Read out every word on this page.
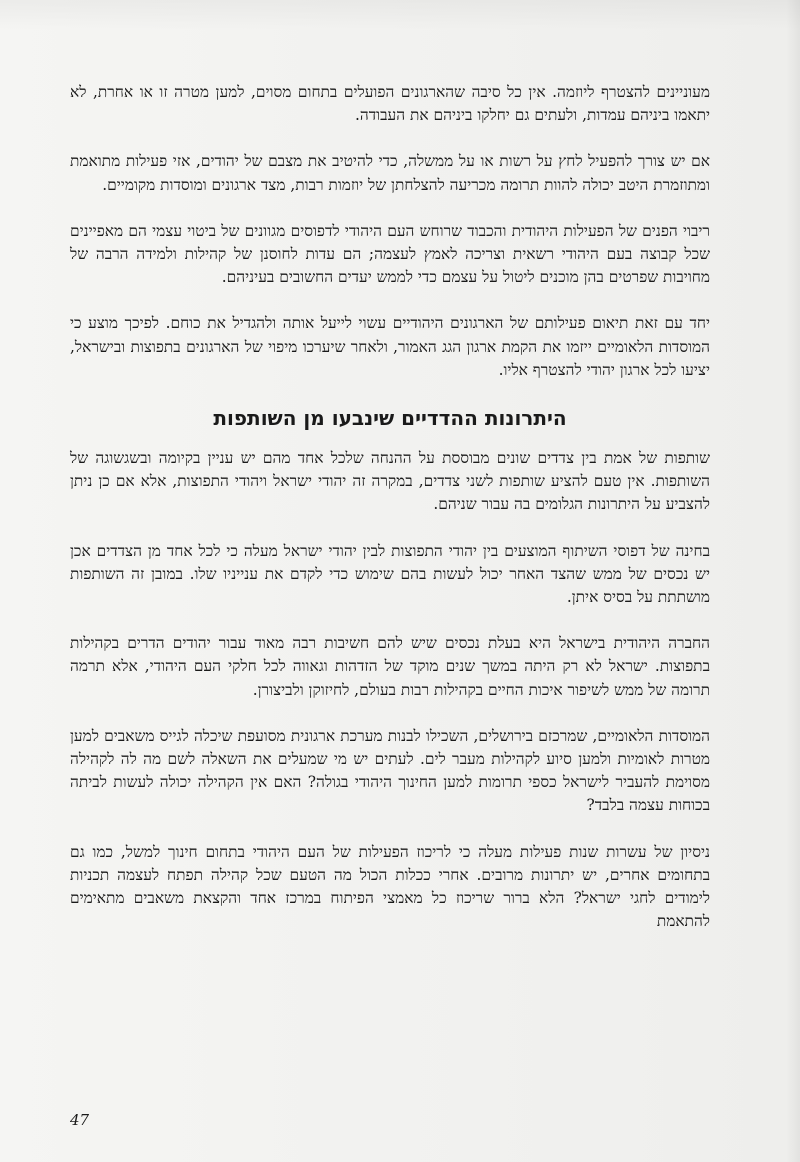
מעוניינים להצטרף ליוזמה. אין כל סיבה שהארגונים הפועלים בתחום מסוים, למען מטרה זו או אחרת, לא יתאמו ביניהם עמדות, ולעתים גם יחלקו ביניהם את העבודה.

אם יש צורך להפעיל לחץ על רשות או על ממשלה, כדי להיטיב את מצבם של יהודים, אזי פעילות מתואמת ומתוזמרת היטב יכולה להוות תרומה מכריעה להצלחתן של יוזמות רבות, מצד ארגונים ומוסדות מקומיים.

ריבוי הפנים של הפעילות היהודית והכבוד שרוחש העם היהודי לדפוסים מגוונים של ביטוי עצמי הם מאפיינים שכל קבוצה בעם היהודי רשאית וצריכה לאמץ לעצמה; הם עדות לחוסנן של קהילות ולמידה הרבה של מחויבות שפרטים בהן מוכנים ליטול על עצמם כדי לממש יעדים החשובים בעיניהם.

יחד עם זאת תיאום פעילותם של הארגונים היהודיים עשוי לייעל אותה ולהגדיל את כוחם. לפיכך מוצע כי המוסדות הלאומיים ייזמו את הקמת ארגון הגג האמור, ולאחר שיערכו מיפוי של הארגונים בתפוצות ובישראל, יציעו לכל ארגון יהודי להצטרף אליו.

היתרונות ההדדיים שינבעו מן השותפות

שותפות של אמת בין צדדים שונים מבוססת על ההנחה שלכל אחד מהם יש עניין בקיומה ובשגשוגה של השותפות. אין טעם להציע שותפות לשני צדדים, במקרה זה יהודי ישראל ויהודי התפוצות, אלא אם כן ניתן להצביע על היתרונות הגלומים בה עבור שניהם.

בחינה של דפוסי השיתוף המוצעים בין יהודי התפוצות לבין יהודי ישראל מעלה כי לכל אחד מן הצדדים אכן יש נכסים של ממש שהצד האחר יכול לעשות בהם שימוש כדי לקדם את ענייניו שלו. במובן זה השותפות מושתתת על בסיס איתן.

החברה היהודית בישראל היא בעלת נכסים שיש להם חשיבות רבה מאוד עבור יהודים הדרים בקהילות בתפוצות. ישראל לא רק היתה במשך שנים מוקד של הזדהות וגאווה לכל חלקי העם היהודי, אלא תרמה תרומה של ממש לשיפור איכות החיים בקהילות רבות בעולם, לחיזוקן ולביצורן.

המוסדות הלאומיים, שמרכזם בירושלים, השכילו לבנות מערכת ארגונית מסועפת שיכלה לגייס משאבים למען מטרות לאומיות ולמען סיוע לקהילות מעבר לים. לעתים יש מי שמעלים את השאלה לשם מה לה לקהילה מסוימת להעביר לישראל כספי תרומות למען החינוך היהודי בגולה? האם אין הקהילה יכולה לעשות לביתה בכוחות עצמה בלבד?

ניסיון של עשרות שנות פעילות מעלה כי לריכוז הפעילות של העם היהודי בתחום חינוך למשל, כמו גם בתחומים אחרים, יש יתרונות מרובים. אחרי ככלות הכול מה הטעם שכל קהילה תפתח לעצמה תכניות לימודים לחגי ישראל? הלא ברור שריכוז כל מאמצי הפיתוח במרכז אחד והקצאת משאבים מתאימים להתאמת

47
